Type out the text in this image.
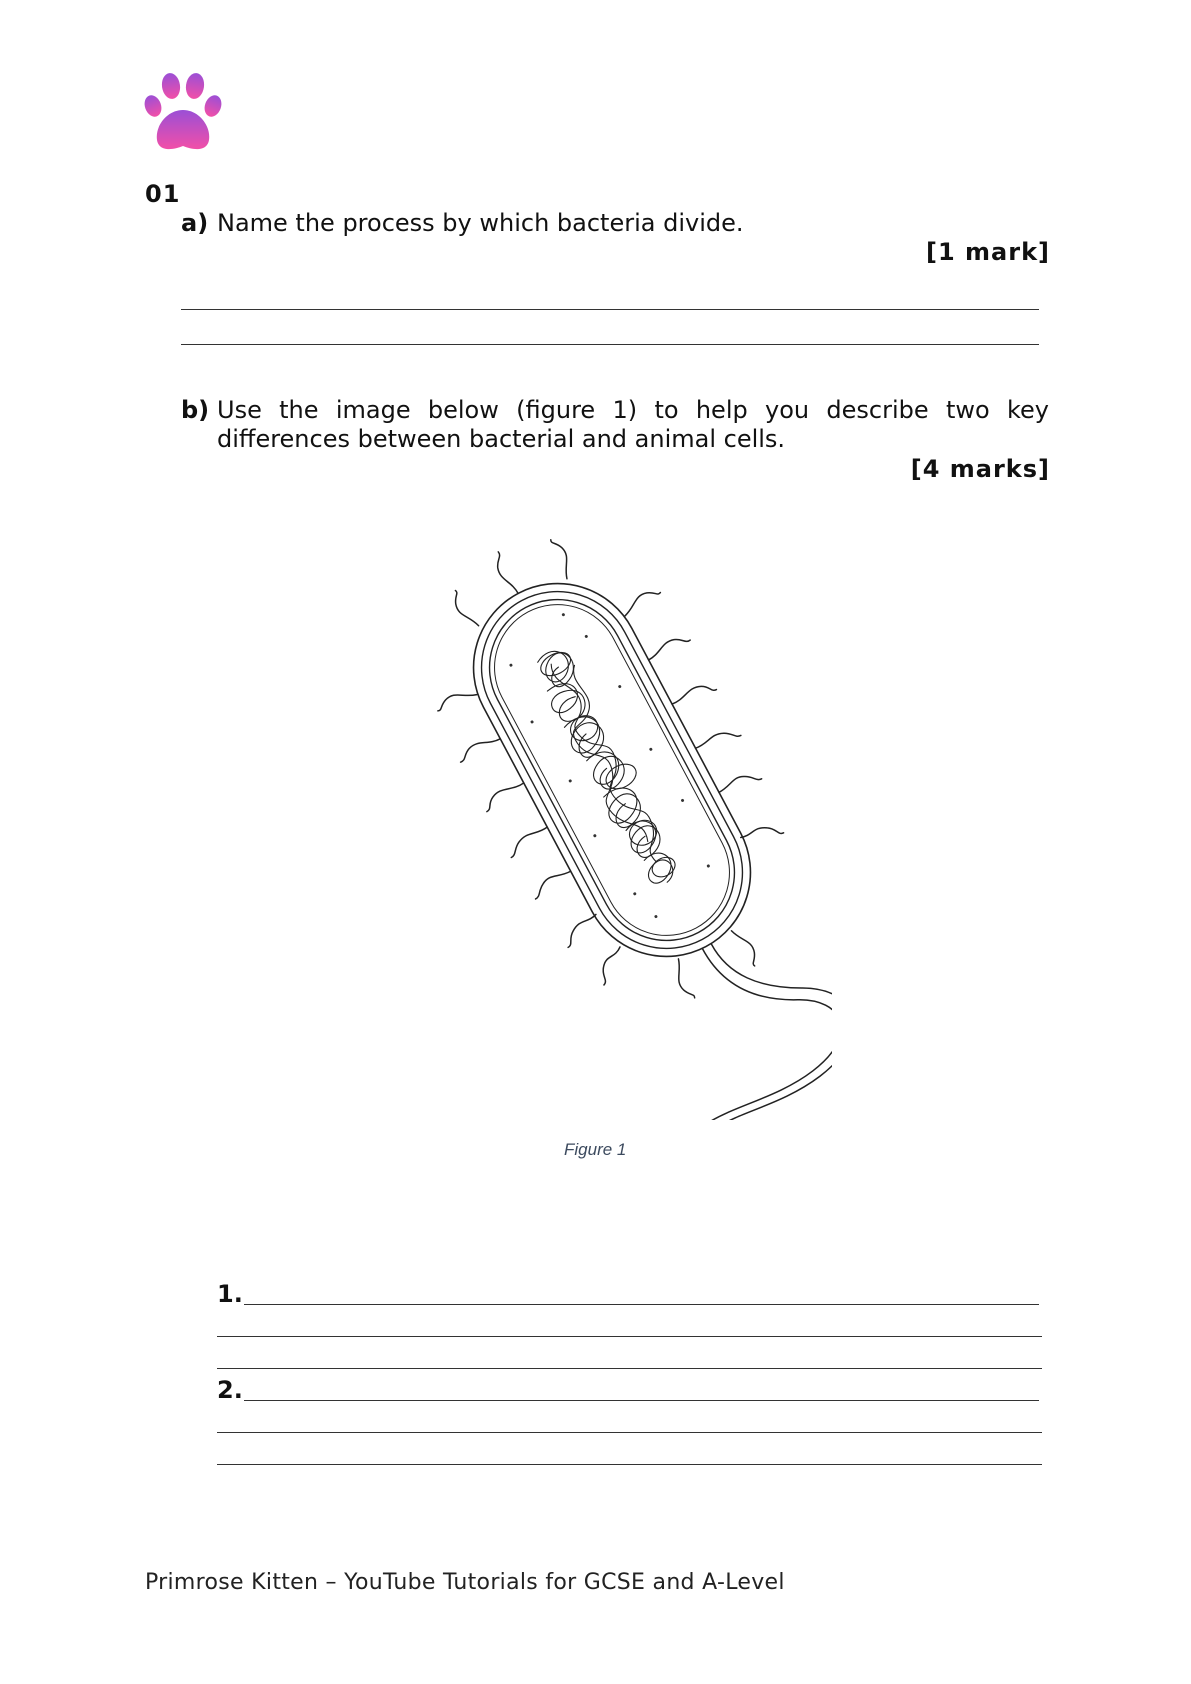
01
a) Name the process by which bacteria divide.
[1 mark]
b) Use the image below (figure 1) to help you describe two key differences between bacterial and animal cells.
[4 marks]
Figure 1
1.
2.
Primrose Kitten – YouTube Tutorials for GCSE and A-Level
